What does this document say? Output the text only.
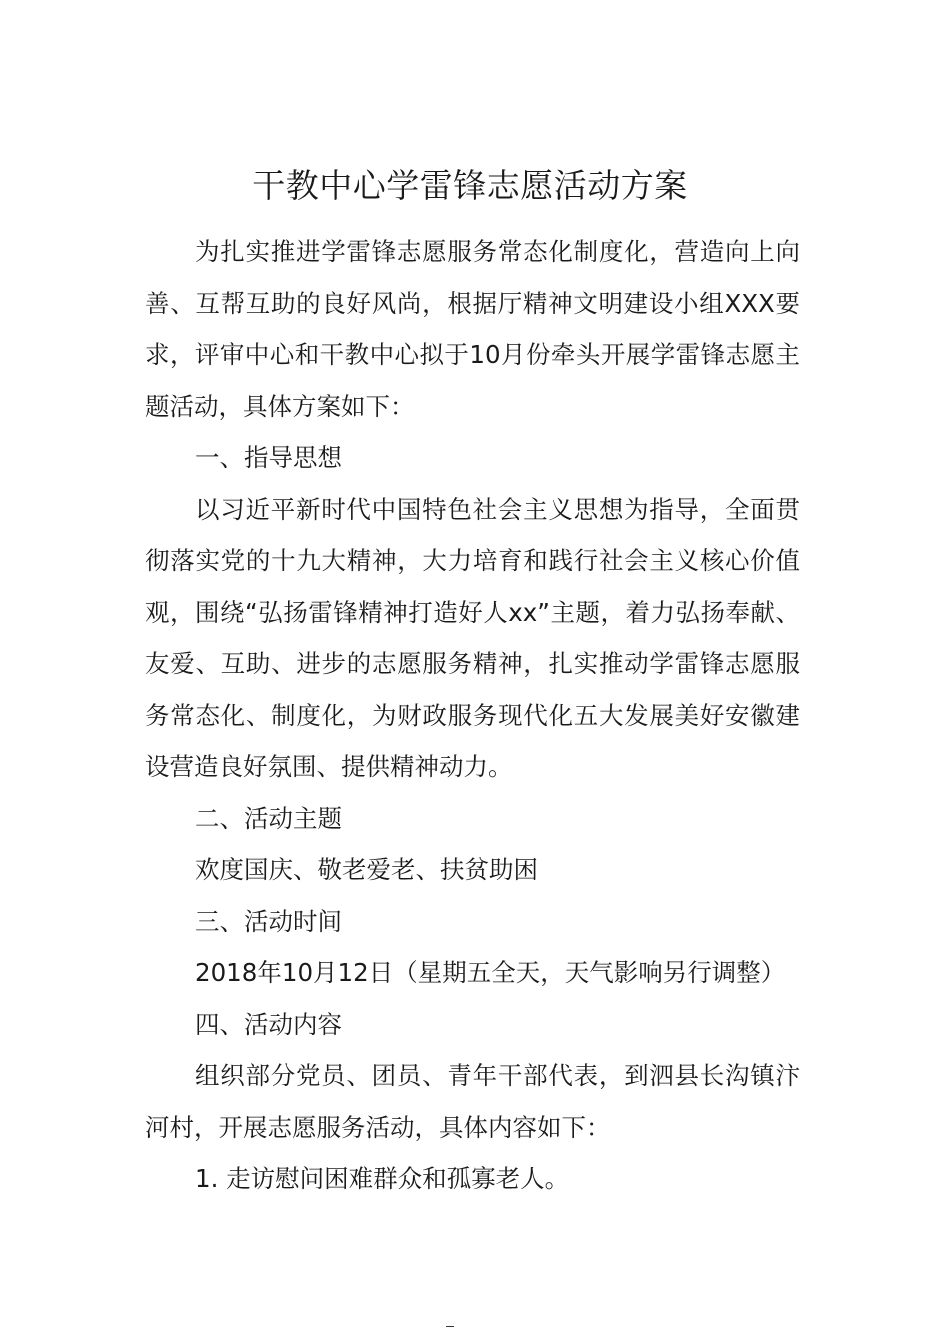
干教中心学雷锋志愿活动方案

为扎实推进学雷锋志愿服务常态化制度化，营造向上向善、互帮互助的良好风尚，根据厅精神文明建设小组XXX要求，评审中心和干教中心拟于10月份牵头开展学雷锋志愿主题活动，具体方案如下：

一、指导思想

以习近平新时代中国特色社会主义思想为指导，全面贯彻落实党的十九大精神，大力培育和践行社会主义核心价值观，围绕“弘扬雷锋精神打造好人xx”主题，着力弘扬奉献、友爱、互助、进步的志愿服务精神，扎实推动学雷锋志愿服务常态化、制度化，为财政服务现代化五大发展美好安徽建设营造良好氛围、提供精神动力。

二、活动主题

欢度国庆、敬老爱老、扶贫助困

三、活动时间

2018年10月12日（星期五全天，天气影响另行调整）

四、活动内容

组织部分党员、团员、青年干部代表，到泗县长沟镇汴河村，开展志愿服务活动，具体内容如下：

1. 走访慰问困难群众和孤寡老人。
